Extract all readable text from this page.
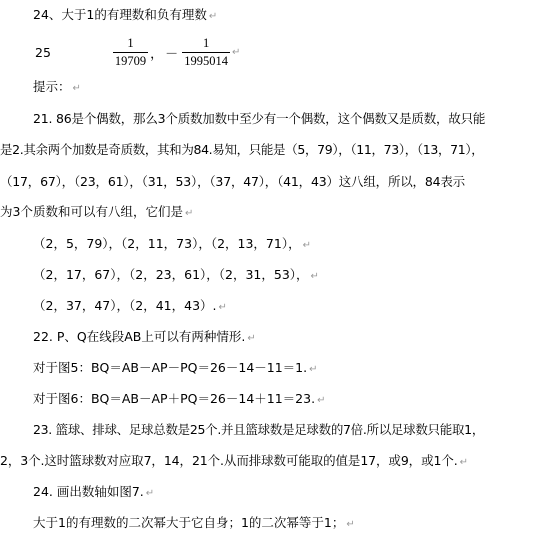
24、大于1的有理数和负有理数 ↵
25	$\frac{1}{19709}$ ， － $\frac{1}{1995014}$ ↵
提示： ↵
21. 86是个偶数，那么3个质数加数中至少有一个偶数，这个偶数又是质数，故只能
是2.其余两个加数是奇质数，其和为84.易知，只能是（5，79），（11，73），（13，71），
（17，67），（23，61），（31，53），（37，47），（41，43）这八组，所以，84表示
为3个质数和可以有八组，它们是 ↵
（2，5，79），（2，11，73），（2，13，71）， ↵
（2，17，67），（2，23，61），（2，31，53）， ↵
（2，37，47），（2，41，43）. ↵
22. P、Q在线段AB上可以有两种情形. ↵
对于图5：BQ＝AB－AP－PQ＝26－14－11＝1. ↵
对于图6：BQ＝AB－AP＋PQ＝26－14＋11＝23. ↵
23. 篮球、排球、足球总数是25个.并且篮球数是足球数的7倍.所以足球数只能取1，
2，3个.这时篮球数对应取7，14，21个.从而排球数可能取的值是17，或9，或1个. ↵
24. 画出数轴如图7. ↵
大于1的有理数的二次幂大于它自身；1的二次幂等于1； ↵
